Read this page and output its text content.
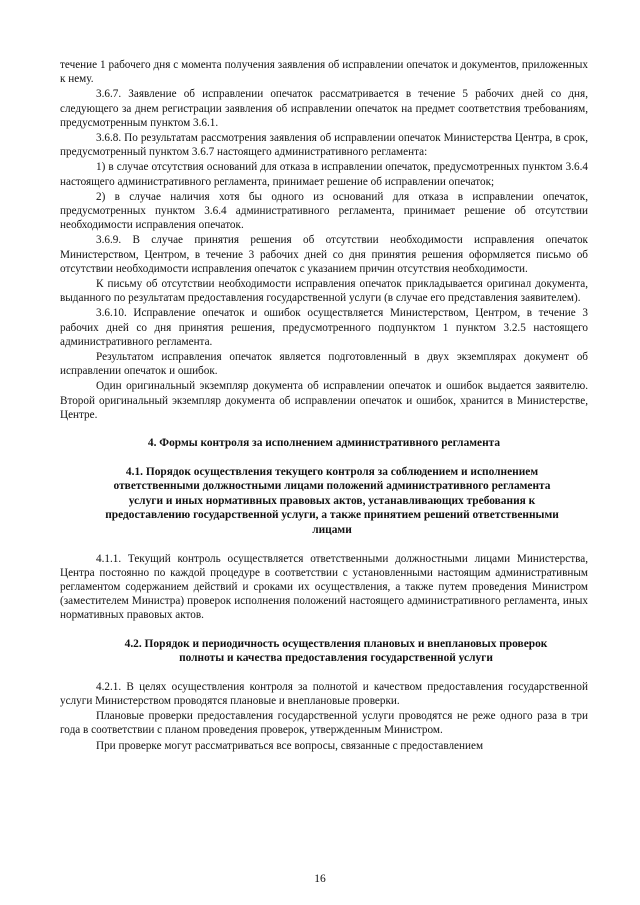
течение 1 рабочего дня с момента получения заявления об исправлении опечаток и документов, приложенных к нему.

3.6.7. Заявление об исправлении опечаток рассматривается в течение 5 рабочих дней со дня, следующего за днем регистрации заявления об исправлении опечаток на предмет соответствия требованиям, предусмотренным пунктом 3.6.1.

3.6.8. По результатам рассмотрения заявления об исправлении опечаток Министерства Центра, в срок, предусмотренный пунктом 3.6.7 настоящего административного регламента:

1) в случае отсутствия оснований для отказа в исправлении опечаток, предусмотренных пунктом 3.6.4 настоящего административного регламента, принимает решение об исправлении опечаток;

2) в случае наличия хотя бы одного из оснований для отказа в исправлении опечаток, предусмотренных пунктом 3.6.4 административного регламента, принимает решение об отсутствии необходимости исправления опечаток.

3.6.9. В случае принятия решения об отсутствии необходимости исправления опечаток Министерством, Центром, в течение 3 рабочих дней со дня принятия решения оформляется письмо об отсутствии необходимости исправления опечаток с указанием причин отсутствия необходимости.

К письму об отсутствии необходимости исправления опечаток прикладывается оригинал документа, выданного по результатам предоставления государственной услуги (в случае его представления заявителем).

3.6.10. Исправление опечаток и ошибок осуществляется Министерством, Центром, в течение 3 рабочих дней со дня принятия решения, предусмотренного подпунктом 1 пунктом 3.2.5 настоящего административного регламента.

Результатом исправления опечаток является подготовленный в двух экземплярах документ об исправлении опечаток и ошибок.

Один оригинальный экземпляр документа об исправлении опечаток и ошибок выдается заявителю. Второй оригинальный экземпляр документа об исправлении опечаток и ошибок, хранится в Министерстве, Центре.

4. Формы контроля за исполнением административного регламента
4.1. Порядок осуществления текущего контроля за соблюдением и исполнением ответственными должностными лицами положений административного регламента услуги и иных нормативных правовых актов, устанавливающих требования к предоставлению государственной услуги, а также принятием решений ответственными лицами

4.1.1. Текущий контроль осуществляется ответственными должностными лицами Министерства, Центра постоянно по каждой процедуре в соответствии с установленными настоящим административным регламентом содержанием действий и сроками их осуществления, а также путем проведения Министром (заместителем Министра) проверок исполнения положений настоящего административного регламента, иных нормативных правовых актов.

4.2. Порядок и периодичность осуществления плановых и внеплановых проверок полноты и качества предоставления государственной услуги

4.2.1. В целях осуществления контроля за полнотой и качеством предоставления государственной услуги Министерством проводятся плановые и внеплановые проверки.

Плановые проверки предоставления государственной услуги проводятся не реже одного раза в три года в соответствии с планом проведения проверок, утвержденным Министром.

При проверке могут рассматриваться все вопросы, связанные с предоставлением

16
